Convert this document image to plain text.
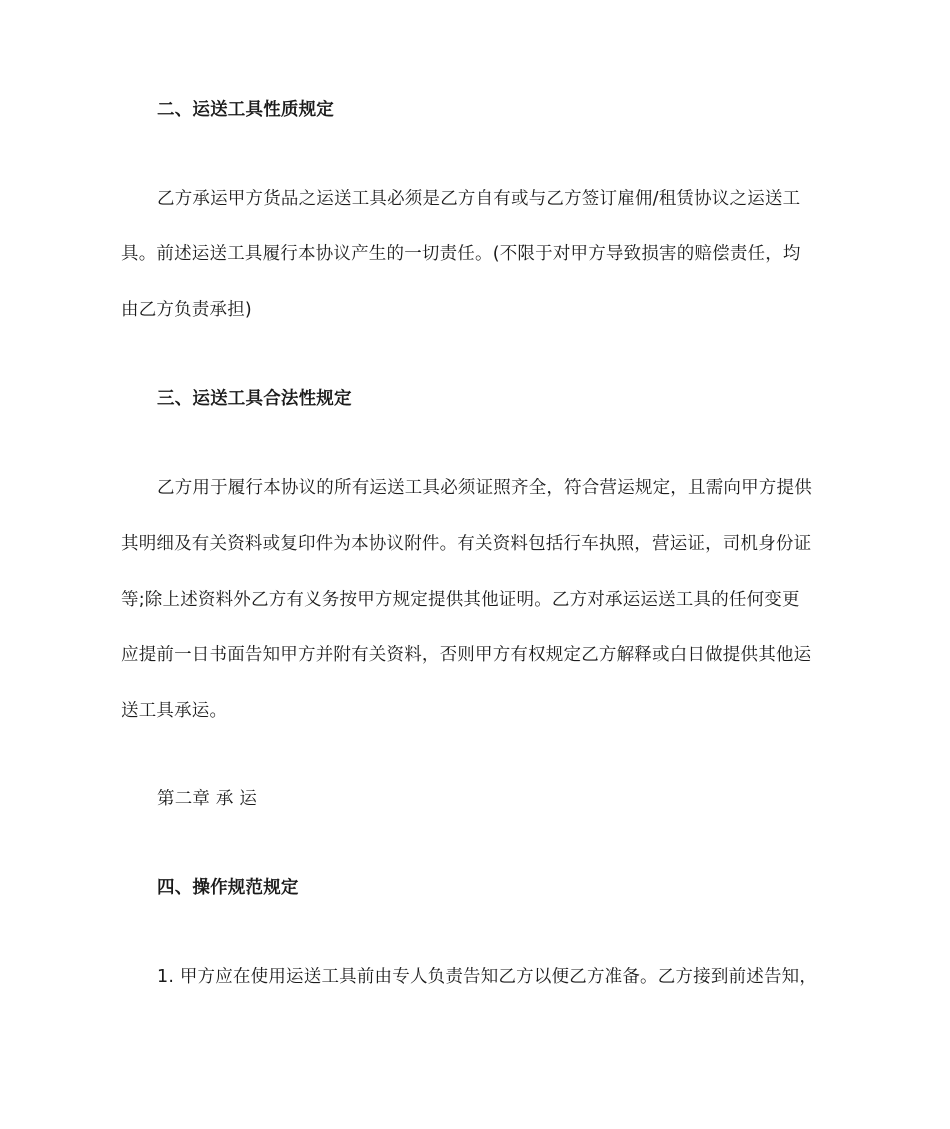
二、运送工具性质规定
乙方承运甲方货品之运送工具必须是乙方自有或与乙方签订雇佣/租赁协议之运送工
具。前述运送工具履行本协议产生的一切责任。(不限于对甲方导致损害的赔偿责任，均
由乙方负责承担)
三、运送工具合法性规定
乙方用于履行本协议的所有运送工具必须证照齐全，符合营运规定，且需向甲方提供
其明细及有关资料或复印件为本协议附件。有关资料包括行车执照，营运证，司机身份证
等;除上述资料外乙方有义务按甲方规定提供其他证明。乙方对承运运送工具的任何变更
应提前一日书面告知甲方并附有关资料，否则甲方有权规定乙方解释或白日做提供其他运
送工具承运。
第二章 承 运
四、操作规范规定
1. 甲方应在使用运送工具前由专人负责告知乙方以便乙方准备。乙方接到前述告知，
